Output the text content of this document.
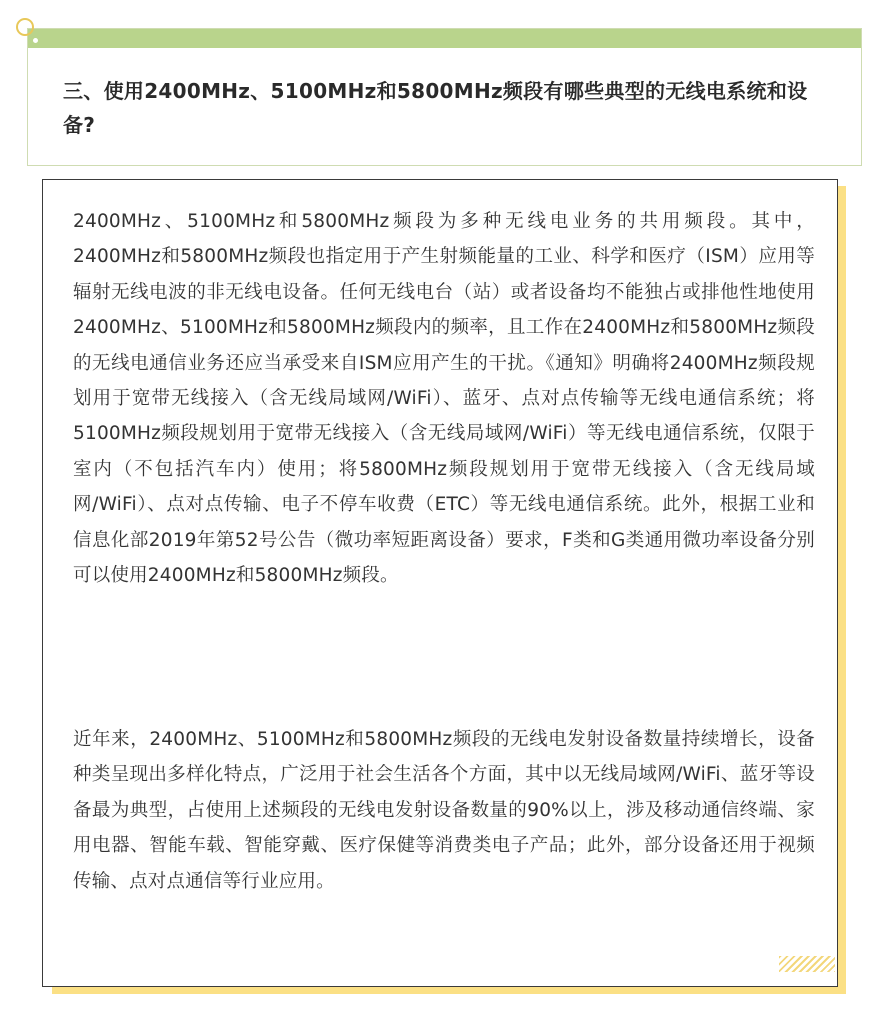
三、使用2400MHz、5100MHz和5800MHz频段有哪些典型的无线电系统和设备?

2400MHz、5100MHz和5800MHz频段为多种无线电业务的共用频段。其中，2400MHz和5800MHz频段也指定用于产生射频能量的工业、科学和医疗（ISM）应用等辐射无线电波的非无线电设备。任何无线电台（站）或者设备均不能独占或排他性地使用2400MHz、5100MHz和5800MHz频段内的频率，且工作在2400MHz和5800MHz频段的无线电通信业务还应当承受来自ISM应用产生的干扰。《通知》明确将2400MHz频段规划用于宽带无线接入（含无线局域网/WiFi）、蓝牙、点对点传输等无线电通信系统；将5100MHz频段规划用于宽带无线接入（含无线局域网/WiFi）等无线电通信系统，仅限于室内（不包括汽车内）使用；将5800MHz频段规划用于宽带无线接入（含无线局域网/WiFi）、点对点传输、电子不停车收费（ETC）等无线电通信系统。此外，根据工业和信息化部2019年第52号公告（微功率短距离设备）要求，F类和G类通用微功率设备分别可以使用2400MHz和5800MHz频段。

近年来，2400MHz、5100MHz和5800MHz频段的无线电发射设备数量持续增长，设备种类呈现出多样化特点，广泛用于社会生活各个方面，其中以无线局域网/WiFi、蓝牙等设备最为典型，占使用上述频段的无线电发射设备数量的90%以上，涉及移动通信终端、家用电器、智能车载、智能穿戴、医疗保健等消费类电子产品；此外，部分设备还用于视频传输、点对点通信等行业应用。
